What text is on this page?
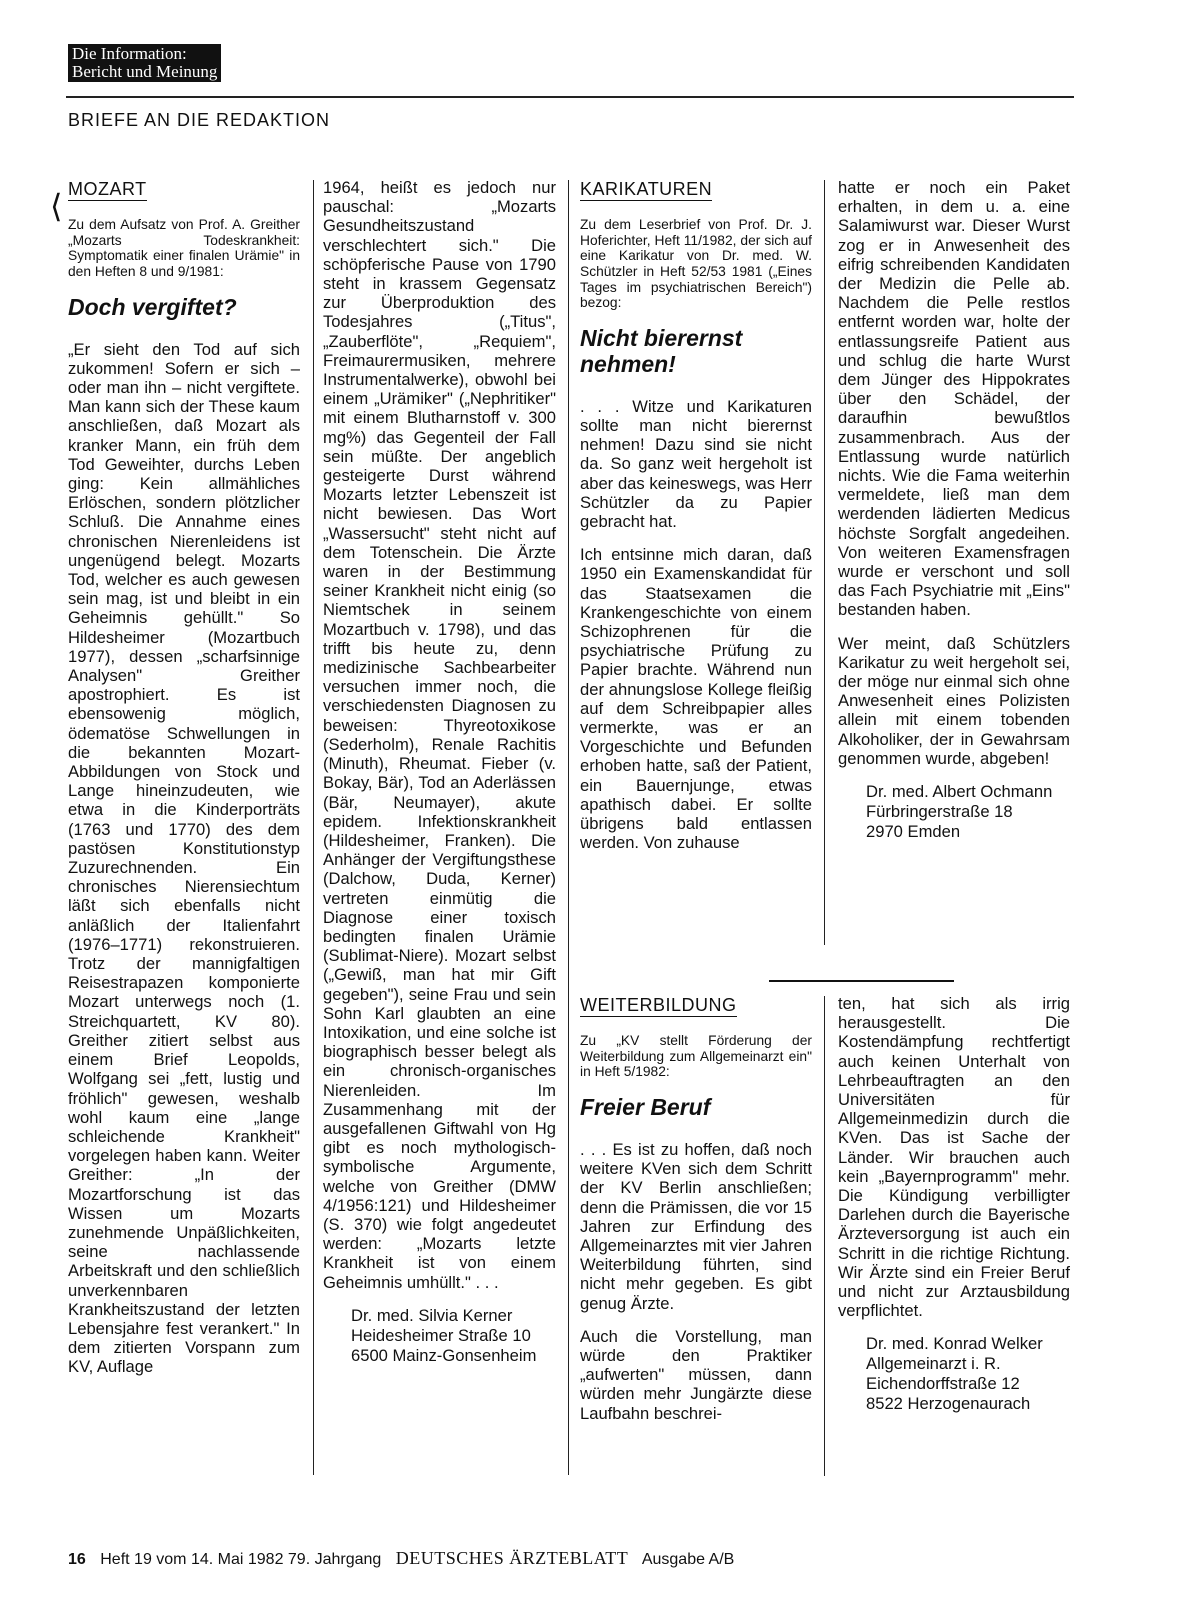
Die Information:
Bericht und Meinung
BRIEFE AN DIE REDAKTION
⟨ MOZART

Zu dem Aufsatz von Prof. A. Greither „Mozarts Todeskrankheit: Symptomatik einer finalen Urämie" in den Heften 8 und 9/1981:

Doch vergiftet?

„Er sieht den Tod auf sich zukommen! Sofern er sich – oder man ihn – nicht vergiftete. Man kann sich der These kaum anschließen, daß Mozart als kranker Mann, ein früh dem Tod Geweihter, durchs Leben ging: Kein allmähliches Erlöschen, sondern plötzlicher Schluß. Die Annahme eines chronischen Nierenleidens ist ungenügend belegt. Mozarts Tod, welcher es auch gewesen sein mag, ist und bleibt in ein Geheimnis gehüllt." So Hildesheimer (Mozartbuch 1977), dessen „scharfsinnige Analysen" Greither apostrophiert. Es ist ebensowenig möglich, ödematöse Schwellungen in die bekannten Mozart-Abbildungen von Stock und Lange hineinzudeuten, wie etwa in die Kinderporträts (1763 und 1770) des dem pastösen Konstitutionstyp Zuzurechnenden. Ein chronisches Nierensiechtum läßt sich ebenfalls nicht anläßlich der Italienfahrt (1976–1771) rekonstruieren. Trotz der mannigfaltigen Reisestrapazen komponierte Mozart unterwegs noch (1. Streichquartett, KV 80). Greither zitiert selbst aus einem Brief Leopolds, Wolfgang sei „fett, lustig und fröhlich" gewesen, weshalb wohl kaum eine „lange schleichende Krankheit" vorgelegen haben kann. Weiter Greither: „In der Mozartforschung ist das Wissen um Mozarts zunehmende Unpäßlichkeiten, seine nachlassende Arbeitskraft und den schließlich unverkennbaren Krankheitszustand der letzten Lebensjahre fest verankert." In dem zitierten Vorspann zum KV, Auflage

1964, heißt es jedoch nur pauschal: „Mozarts Gesundheitszustand verschlechtert sich." Die schöpferische Pause von 1790 steht in krassem Gegensatz zur Überproduktion des Todesjahres („Titus", „Zauberflöte", „Requiem", Freimaurermusiken, mehrere Instrumentalwerke), obwohl bei einem „Urämiker" („Nephritiker" mit einem Blutharnstoff v. 300 mg%) das Gegenteil der Fall sein müßte. Der angeblich gesteigerte Durst während Mozarts letzter Lebenszeit ist nicht bewiesen. Das Wort „Wassersucht" steht nicht auf dem Totenschein. Die Ärzte waren in der Bestimmung seiner Krankheit nicht einig (so Niemtschek in seinem Mozartbuch v. 1798), und das trifft bis heute zu, denn medizinische Sachbearbeiter versuchen immer noch, die verschiedensten Diagnosen zu beweisen: Thyreotoxikose (Sederholm), Renale Rachitis (Minuth), Rheumat. Fieber (v. Bokay, Bär), Tod an Aderlässen (Bär, Neumayer), akute epidem. Infektionskrankheit (Hildesheimer, Franken). Die Anhänger der Vergiftungsthese (Dalchow, Duda, Kerner) vertreten einmütig die Diagnose einer toxisch bedingten finalen Urämie (Sublimat-Niere). Mozart selbst („Gewiß, man hat mir Gift gegeben"), seine Frau und sein Sohn Karl glaubten an eine Intoxikation, und eine solche ist biographisch besser belegt als ein chronisch-organisches Nierenleiden. Im Zusammenhang mit der ausgefallenen Giftwahl von Hg gibt es noch mythologisch-symbolische Argumente, welche von Greither (DMW 4/1956:121) und Hildesheimer (S. 370) wie folgt angedeutet werden: „Mozarts letzte Krankheit ist von einem Geheimnis umhüllt." . . .

Dr. med. Silvia Kerner
Heidesheimer Straße 10
6500 Mainz-Gonsenheim
KARIKATUREN

Zu dem Leserbrief von Prof. Dr. J. Hoferichter, Heft 11/1982, der sich auf eine Karikatur von Dr. med. W. Schützler in Heft 52/53 1981 („Eines Tages im psychiatrischen Bereich") bezog:

Nicht bierernst nehmen!

. . . Witze und Karikaturen sollte man nicht bierernst nehmen! Dazu sind sie nicht da. So ganz weit hergeholt ist aber das keineswegs, was Herr Schützler da zu Papier gebracht hat.

Ich entsinne mich daran, daß 1950 ein Examenskandidat für das Staatsexamen die Krankengeschichte von einem Schizophrenen für die psychiatrische Prüfung zu Papier brachte. Während nun der ahnungslose Kollege fleißig auf dem Schreibpapier alles vermerkte, was er an Vorgeschichte und Befunden erhoben hatte, saß der Patient, ein Bauernjunge, etwas apathisch dabei. Er sollte übrigens bald entlassen werden. Von zuhause

hatte er noch ein Paket erhalten, in dem u. a. eine Salamiwurst war. Dieser Wurst zog er in Anwesenheit des eifrig schreibenden Kandidaten der Medizin die Pelle ab. Nachdem die Pelle restlos entfernt worden war, holte der entlassungsreife Patient aus und schlug die harte Wurst dem Jünger des Hippokrates über den Schädel, der daraufhin bewußtlos zusammenbrach. Aus der Entlassung wurde natürlich nichts. Wie die Fama weiterhin vermeldete, ließ man dem werdenden lädierten Medicus höchste Sorgfalt angedeihen. Von weiteren Examensfragen wurde er verschont und soll das Fach Psychiatrie mit „Eins" bestanden haben.

Wer meint, daß Schützlers Karikatur zu weit hergeholt sei, der möge nur einmal sich ohne Anwesenheit eines Polizisten allein mit einem tobenden Alkoholiker, der in Gewahrsam genommen wurde, abgeben!

Dr. med. Albert Ochmann
Fürbringerstraße 18
2970 Emden
WEITERBILDUNG

Zu „KV stellt Förderung der Weiterbildung zum Allgemeinarzt ein" in Heft 5/1982:

Freier Beruf

. . . Es ist zu hoffen, daß noch weitere KVen sich dem Schritt der KV Berlin anschließen; denn die Prämissen, die vor 15 Jahren zur Erfindung des Allgemeinarztes mit vier Jahren Weiterbildung führten, sind nicht mehr gegeben. Es gibt genug Ärzte.

Auch die Vorstellung, man würde den Praktiker „aufwerten" müssen, dann würden mehr Jungärzte diese Laufbahn beschrei-

ten, hat sich als irrig herausgestellt. Die Kostendämpfung rechtfertigt auch keinen Unterhalt von Lehrbeauftragten an den Universitäten für Allgemeinmedizin durch die KVen. Das ist Sache der Länder. Wir brauchen auch kein „Bayernprogramm" mehr. Die Kündigung verbilligter Darlehen durch die Bayerische Ärzteversorgung ist auch ein Schritt in die richtige Richtung. Wir Ärzte sind ein Freier Beruf und nicht zur Arztausbildung verpflichtet.

Dr. med. Konrad Welker
Allgemeinarzt i. R.
Eichendorffstraße 12
8522 Herzogenaurach
16 Heft 19 vom 14. Mai 1982 79. Jahrgang DEUTSCHES ÄRZTEBLATT Ausgabe A/B
